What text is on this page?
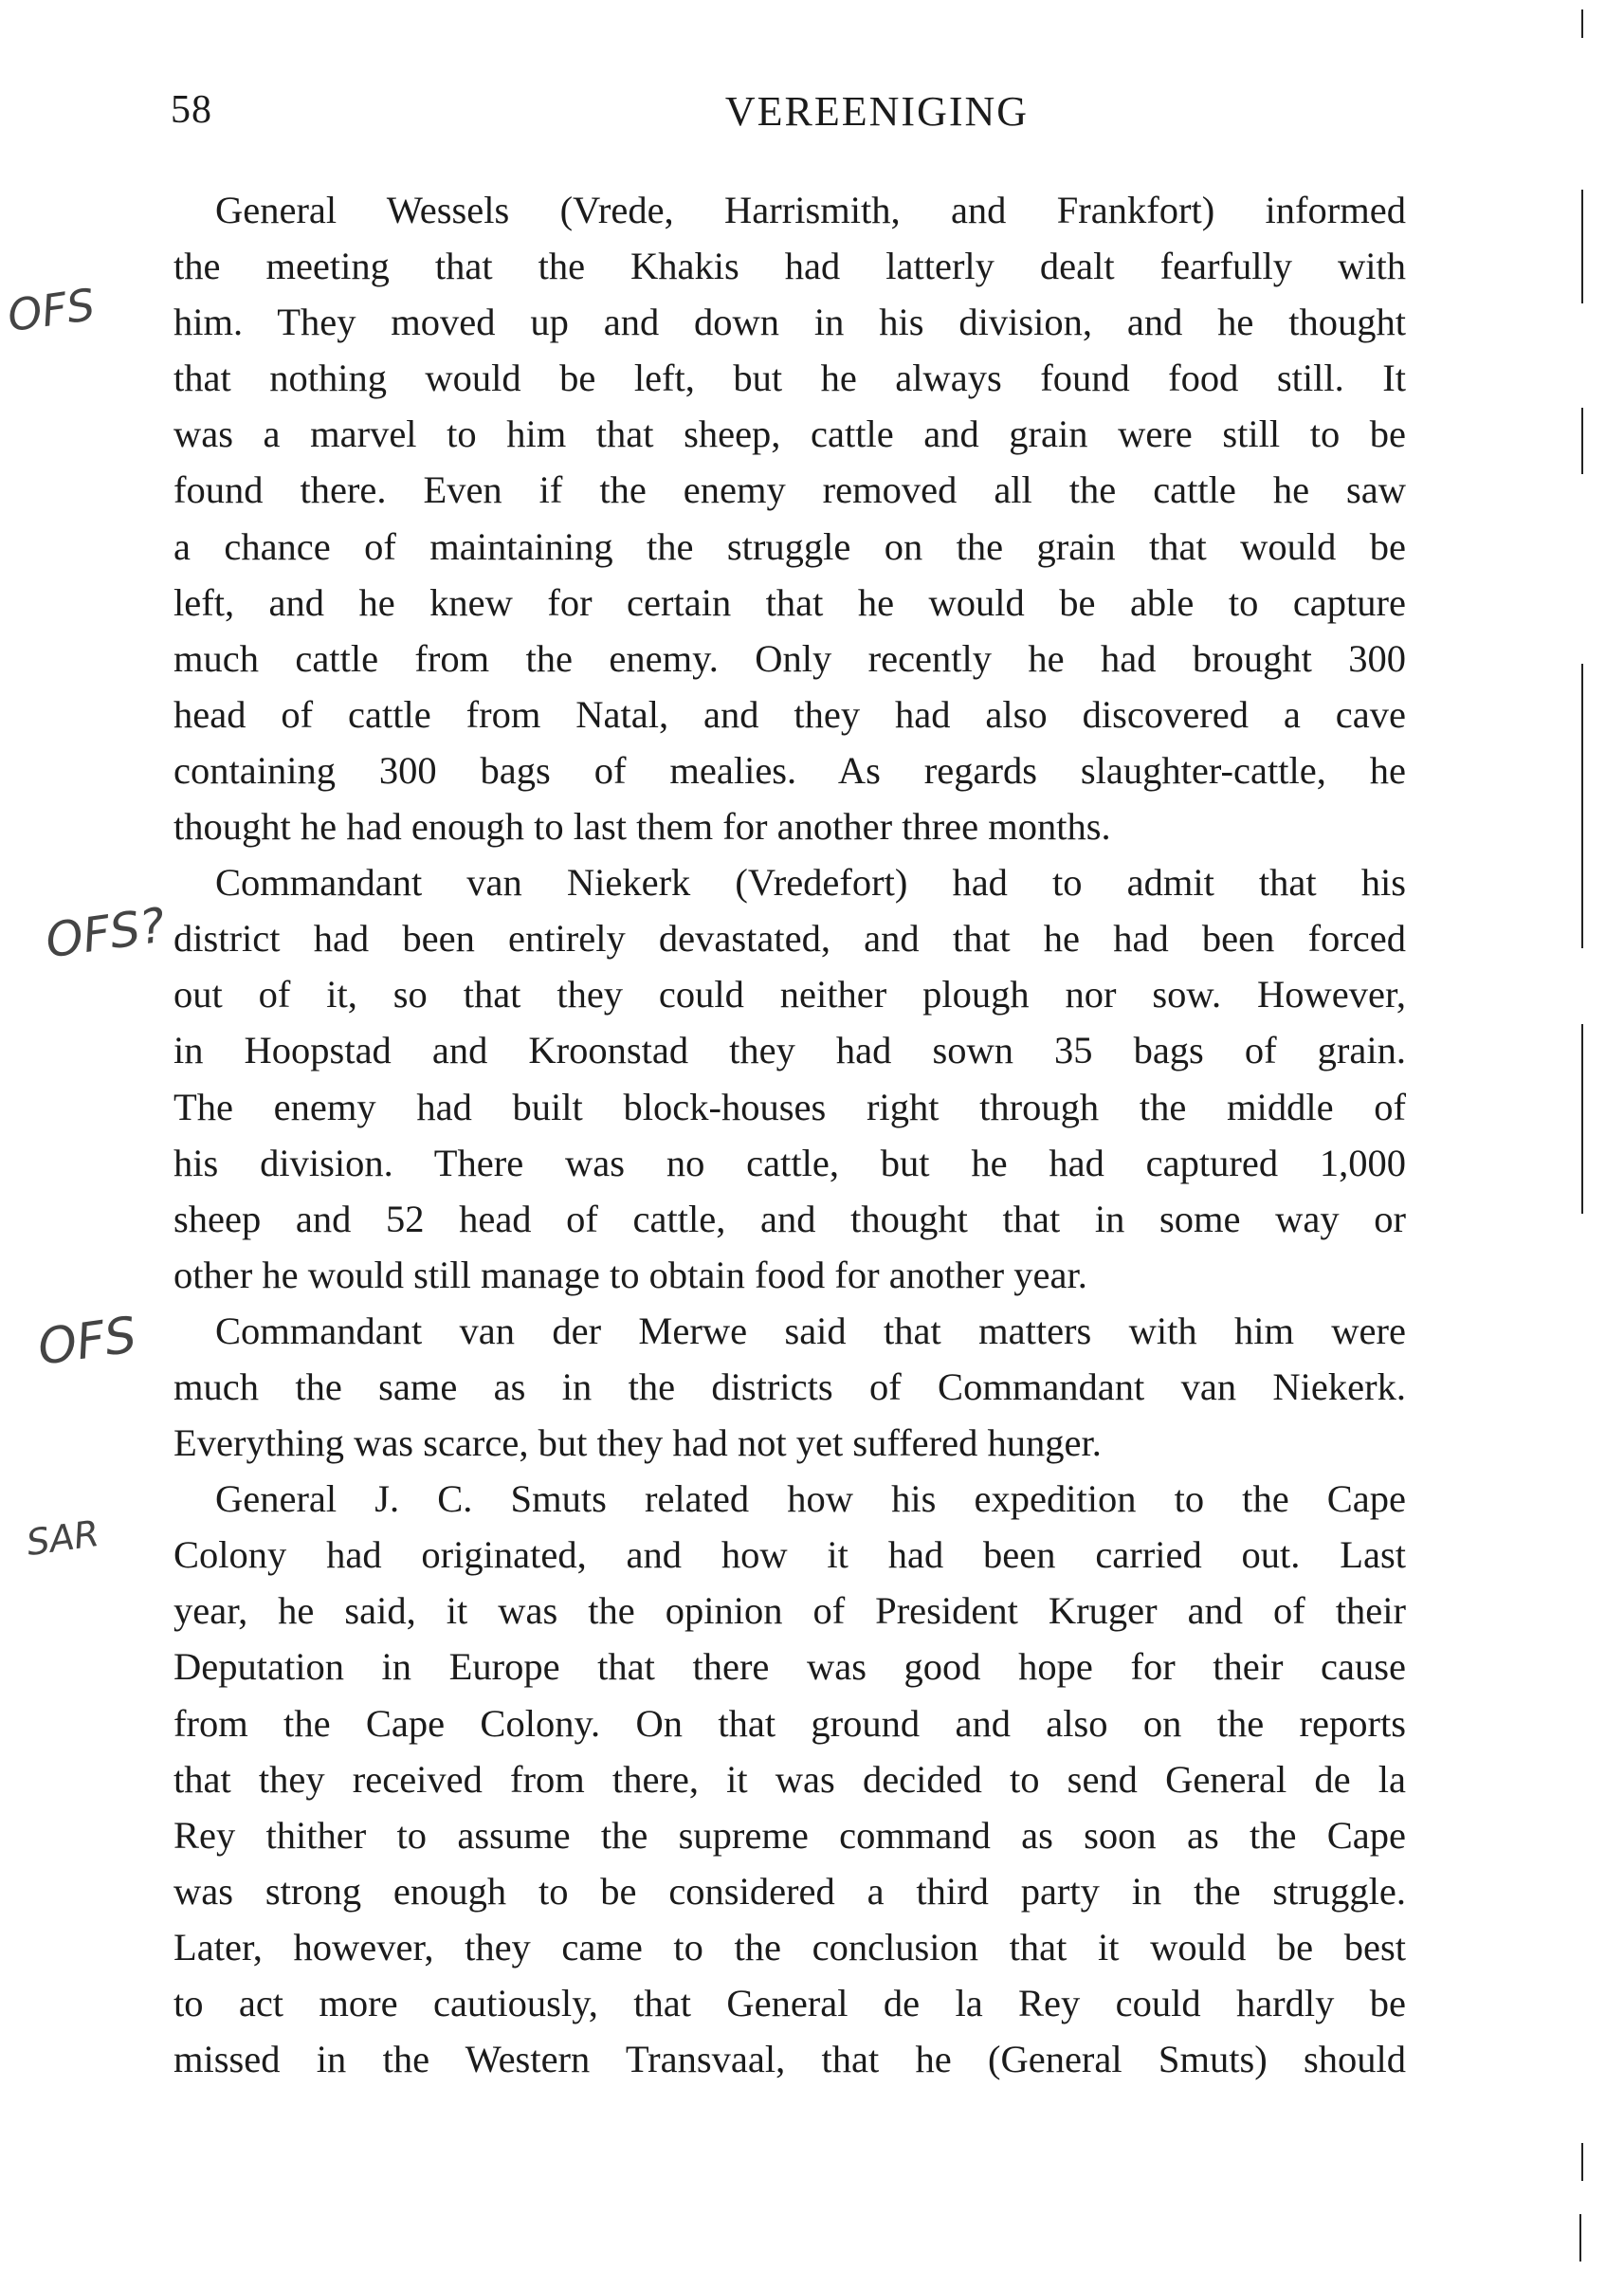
58	VEREENIGING
OFS
OFS?
OFS
SAR
General Wessels (Vrede, Harrismith, and Frankfort) informed
the meeting that the Khakis had latterly dealt fearfully with
him. They moved up and down in his division, and he thought
that nothing would be left, but he always found food still. It
was a marvel to him that sheep, cattle and grain were still to be
found there. Even if the enemy removed all the cattle he saw
a chance of maintaining the struggle on the grain that would be
left, and he knew for certain that he would be able to capture
much cattle from the enemy. Only recently he had brought 300
head of cattle from Natal, and they had also discovered a cave
containing 300 bags of mealies. As regards slaughter-cattle, he
thought he had enough to last them for another three months.
Commandant van Niekerk (Vredefort) had to admit that his
district had been entirely devastated, and that he had been forced
out of it, so that they could neither plough nor sow. However,
in Hoopstad and Kroonstad they had sown 35 bags of grain.
The enemy had built block-houses right through the middle of
his division. There was no cattle, but he had captured 1,000
sheep and 52 head of cattle, and thought that in some way or
other he would still manage to obtain food for another year.
Commandant van der Merwe said that matters with him were
much the same as in the districts of Commandant van Niekerk.
Everything was scarce, but they had not yet suffered hunger.
General J. C. Smuts related how his expedition to the Cape
Colony had originated, and how it had been carried out. Last
year, he said, it was the opinion of President Kruger and of their
Deputation in Europe that there was good hope for their cause
from the Cape Colony. On that ground and also on the reports
that they received from there, it was decided to send General de la
Rey thither to assume the supreme command as soon as the Cape
was strong enough to be considered a third party in the struggle.
Later, however, they came to the conclusion that it would be best
to act more cautiously, that General de la Rey could hardly be
missed in the Western Transvaal, that he (General Smuts) should
